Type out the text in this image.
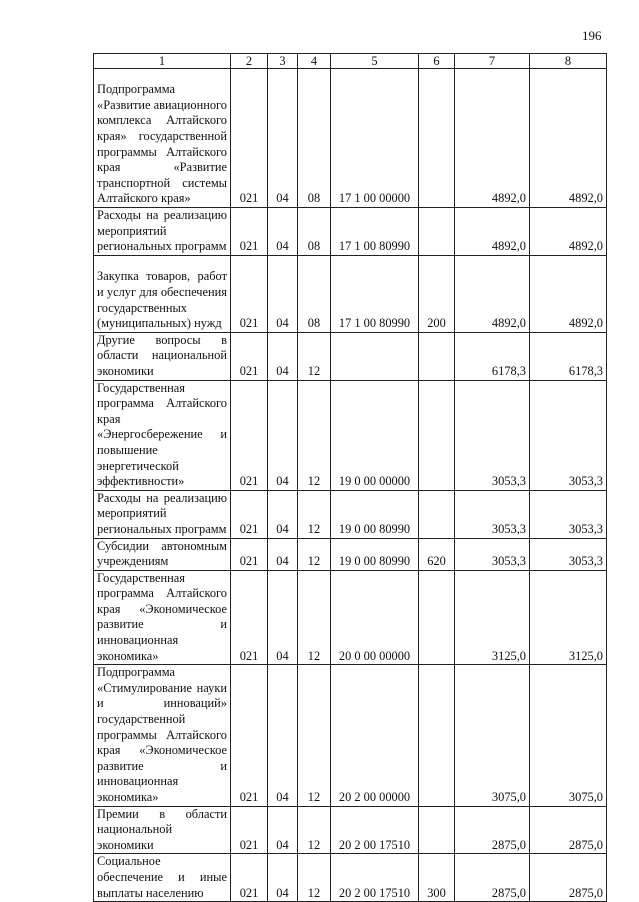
196
1	2	3	4	5	6	7	8
Подпрограмма «Развитие авиационного комплекса Алтайского края» государственной программы Алтайского края «Развитие транспортной системы Алтайского края»	021	04	08	17 1 00 00000		4892,0	4892,0
Расходы на реализацию мероприятий региональных программ	021	04	08	17 1 00 80990		4892,0	4892,0
Закупка товаров, работ и услуг для обеспечения государственных (муниципальных) нужд	021	04	08	17 1 00 80990	200	4892,0	4892,0
Другие вопросы в области национальной экономики	021	04	12			6178,3	6178,3
Государственная программа Алтайского края «Энергосбережение и повышение энергетической эффективности»	021	04	12	19 0 00 00000		3053,3	3053,3
Расходы на реализацию мероприятий региональных программ	021	04	12	19 0 00 80990		3053,3	3053,3
Субсидии автономным учреждениям	021	04	12	19 0 00 80990	620	3053,3	3053,3
Государственная программа Алтайского края «Экономическое развитие и инновационная экономика»	021	04	12	20 0 00 00000		3125,0	3125,0
Подпрограмма «Стимулирование науки и инноваций» государственной программы Алтайского края «Экономическое развитие и инновационная экономика»	021	04	12	20 2 00 00000		3075,0	3075,0
Премии в области национальной экономики	021	04	12	20 2 00 17510		2875,0	2875,0
Социальное обеспечение и иные выплаты населению	021	04	12	20 2 00 17510	300	2875,0	2875,0
